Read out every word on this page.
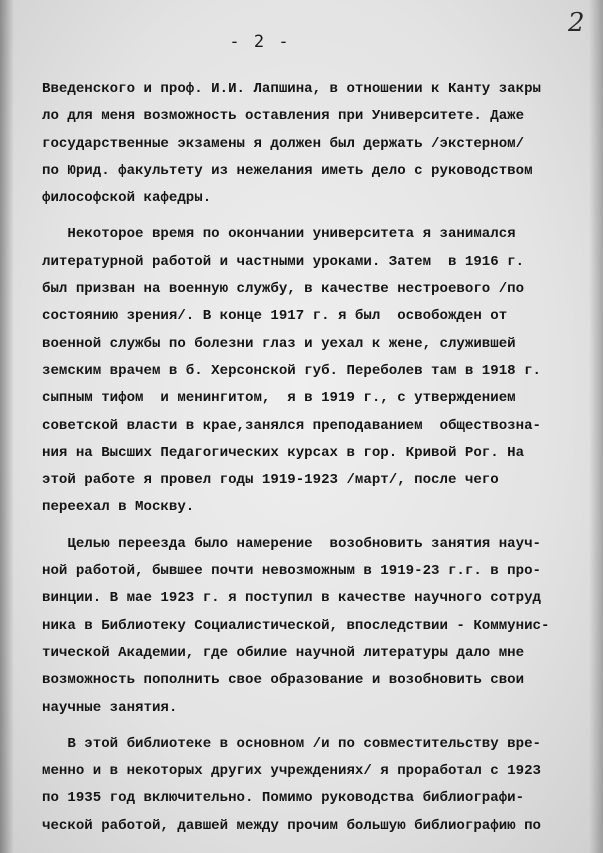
- 2 -
2
Введенского и проф. И.И. Лапшина, в отношении к Канту закры
ло для меня возможность оставления при Университете. Даже
государственные экзамены я должен был держать /экстерном/
по Юрид. факультету из нежелания иметь дело с руководством
философской кафедры.
Некоторое время по окончании университета я занимался
литературной работой и частными уроками. Затем  в 1916 г.
был призван на военную службу, в качестве нестроевого /по
состоянию зрения/. В конце 1917 г. я был  освобожден от
военной службы по болезни глаз и уехал к жене, служившей
земским врачем в б. Херсонской губ. Переболев там в 1918 г.
сыпным тифом  и менингитом,  я в 1919 г., с утверждением
советской власти в крае,занялся преподаванием  обществозна-
ния на Высших Педагогических курсах в гор. Кривой Рог. На
этой работе я провел годы 1919-1923 /март/, после чего
переехал в Москву.
Целью переезда было намерение  возобновить занятия науч-
ной работой, бывшее почти невозможным в 1919-23 г.г. в про-
винции. В мае 1923 г. я поступил в качестве научного сотруд
ника в Библиотеку Социалистической, впоследствии - Коммунис-
тической Академии, где обилие научной литературы дало мне
возможность пополнить свое образование и возобновить свои
научные занятия.
В этой библиотеке в основном /и по совместительству вре-
менно и в некоторых других учреждениях/ я проработал с 1923
по 1935 год включительно. Помимо руководства библиографи-
ческой работой, давшей между прочим большую библиографию по
